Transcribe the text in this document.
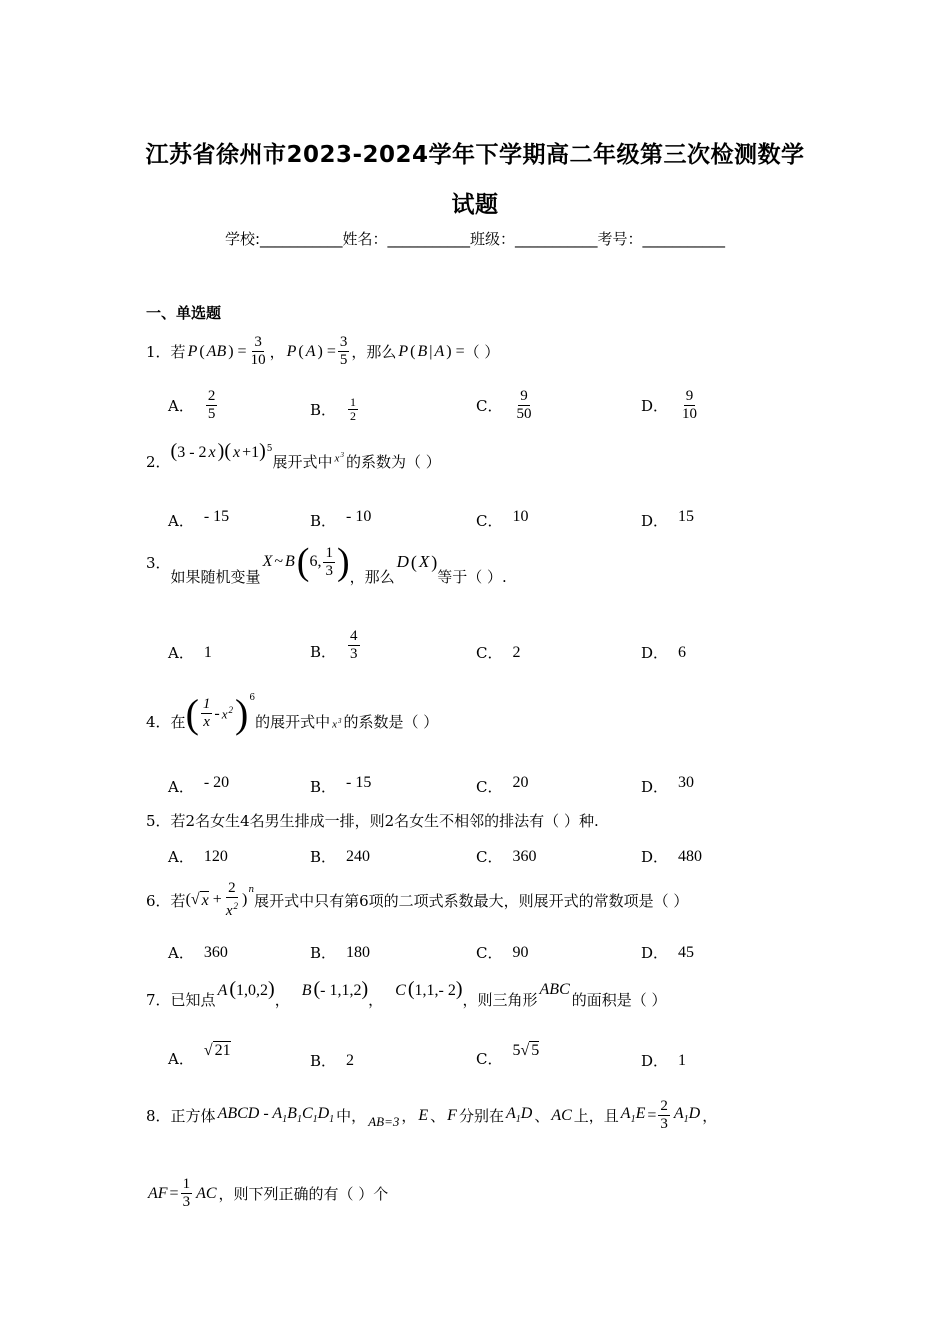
江苏省徐州市2023-2024学年下学期高二年级第三次检测数学
试题
学校:___________姓名：___________班级：___________考号：___________
一、单选题
1． 若 P ( AB ) = $\frac{3}{10}$ ， P ( A ) = $\frac{3}{5}$ ，那么 P ( B | A ) = （ ）
A． $\frac{2}{5}$	B． $\frac{1}{2}$	C． $\frac{9}{50}$	D． $\frac{9}{10}$
2． (3 - 2 x )( x +1)$^5$
展开式中 $x^3$ 的系数为（ ）
A． - 15	B． - 10	C． 10	D． 15
3．
如果随机变量
X ~ B ( 6, $\frac{1}{3}$ ) ，那么
D ( X )
等于（ ）.
A． 1	B． $\frac{4}{3}$	C． 2	D． 6
4． 在 ( $\frac{1}{x} - x^2$ ) 6
的展开式中 $x^3$ 的系数是（ ）
A． - 20	B． - 15	C． 20	D． 30
5． 若2名女生4名男生排成一排，则2名女生不相邻的排法有（ ）种.
A． 120	B． 240	C． 360	D． 480
6． 若 ( √ $x + \frac{2}{x^2}$ )
n
展开式中只有第6项的二项式系数最大，则展开式的常数项是（ ）
A． 360	B． 180	C． 90	D． 45
7． 已知点
A (1,0,2) ，
B (- 1,1,2) ，
C (1,1,- 2) ，则三角形
ABC
的面积是（ ）
A． √ 21
B． 2	C． 5√ 5
D． 1
8． 正方体 ABCD - $A_1B_1C_1D_1$ 中， AB=3 ， E 、 F 分别在 $A_1D$ 、 AC 上，且 $A_1E = \frac{2}{3} A_1D$ ，
AF = $\frac{1}{3}$ AC ，则下列正确的有（ ）个
